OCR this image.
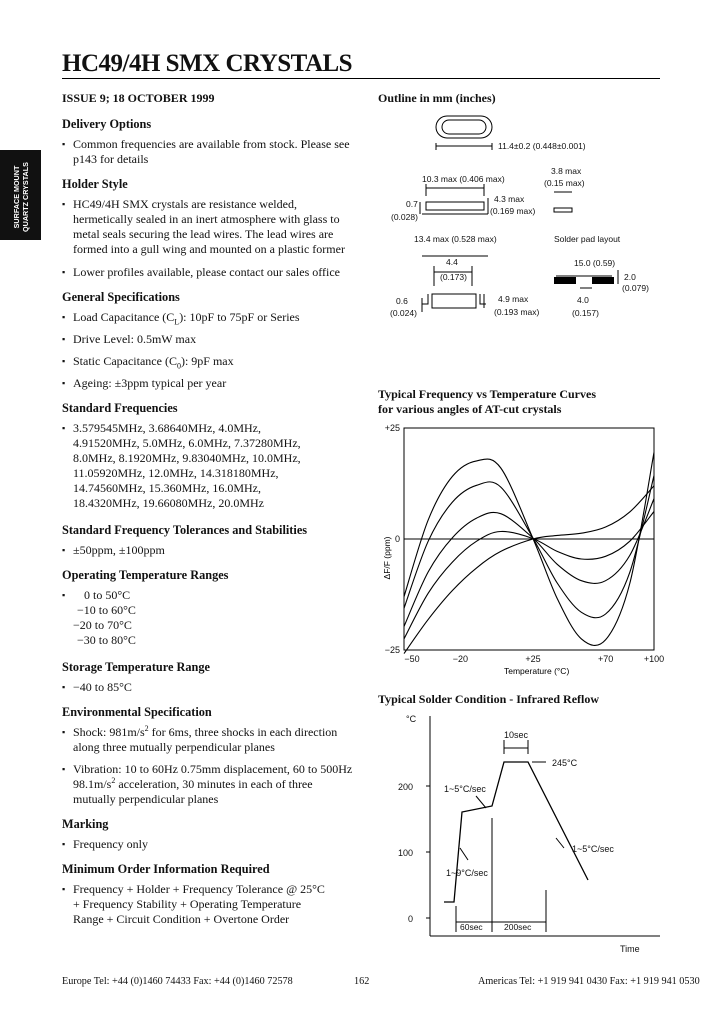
HC49/4H SMX CRYSTALS
SURFACE MOUNT
QUARTZ CRYSTALS
ISSUE 9; 18 OCTOBER 1999
Delivery Options
▪ Common frequencies are available from stock. Please see p143 for details
Holder Style
▪ HC49/4H SMX crystals are resistance welded, hermetically sealed in an inert atmosphere with glass to metal seals securing the lead wires. The lead wires are formed into a gull wing and mounted on a plastic former
▪ Lower profiles available, please contact our sales office
General Specifications
▪ Load Capacitance $(C_L)$: 10pF to 75pF or Series
▪ Drive Level: 0.5mW max
▪ Static Capacitance $(C_0)$: 9pF max
▪ Ageing: ±3ppm typical per year
Standard Frequencies
▪ 3.579545MHz, 3.68640MHz, 4.0MHz,
4.91520MHz, 5.0MHz, 6.0MHz, 7.37280MHz,
8.0MHz, 8.1920MHz, 9.83040MHz, 10.0MHz,
11.05920MHz, 12.0MHz, 14.318180MHz,
14.74560MHz, 15.360MHz, 16.0MHz,
18.4320MHz, 19.66080MHz, 20.0MHz
Standard Frequency Tolerances and Stabilities
▪ ±50ppm, ±100ppm
Operating Temperature Ranges
▪ 0 to 50°C
−10 to 60°C
−20 to 70°C
−30 to 80°C
Storage Temperature Range
▪ −40 to 85°C
Environmental Specification
▪ Shock: $981m/s^2$ for 6ms, three shocks in each direction along three mutually perpendicular planes
▪ Vibration: 10 to 60Hz 0.75mm displacement, 60 to 500Hz $98.1m/s^2$ acceleration, 30 minutes in each of three mutually perpendicular planes
Marking
▪ Frequency only
Minimum Order Information Required
▪ Frequency + Holder + Frequency Tolerance @ 25°C
+ Frequency Stability + Operating Temperature
Range + Circuit Condition + Overtone Order
Outline in mm (inches)
11.4±0.2 (0.448±0.001)
10.3 max (0.406 max)
3.8 max
(0.15 max)
0.7
(0.028)
4.3 max
(0.169 max)
13.4 max (0.528 max)	Solder pad layout
4.4
(0.173)
15.0 (0.59)
2.0
(0.079)
0.6
(0.024)
4.9 max
(0.193 max)
4.0
(0.157)
Typical Frequency vs Temperature Curves
for various angles of AT-cut crystals
+25
0
−25
−50	−20	+25	+70	+100
Temperature (°C)
ΔF/F (ppm)
Typical Solder Condition - Infrared Reflow
°C
200
100
0
Time
10sec
245°C
1~5°C/sec
1~9°C/sec
1~5°C/sec
60sec	200sec
Europe Tel: +44 (0)1460 74433 Fax: +44 (0)1460 72578	162	Americas Tel: +1 919 941 0430 Fax: +1 919 941 0530
